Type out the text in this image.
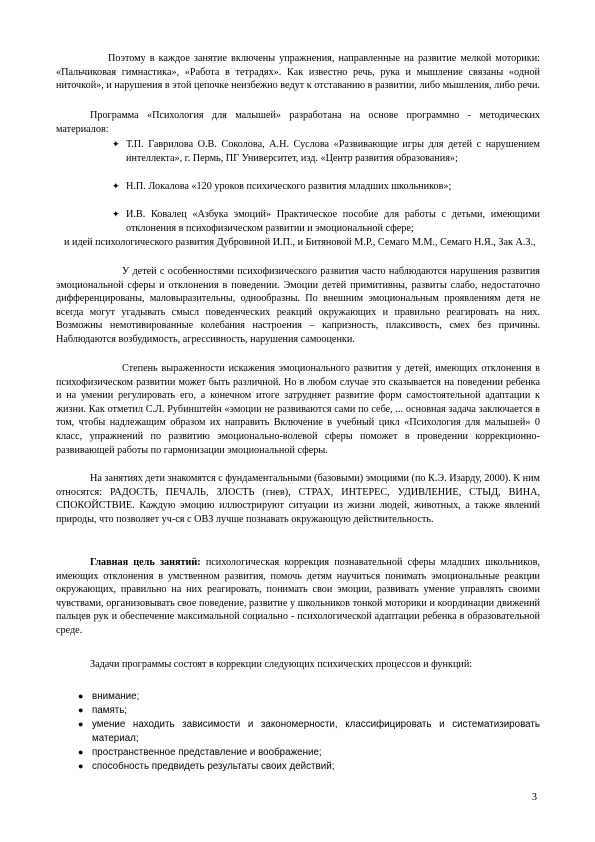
Поэтому в каждое занятие включены упражнения, направленные на развитие мелкой моторики: «Пальчиковая гимнастика», «Работа в тетрадях». Как известно речь, рука и мышление связаны «одной ниточкой», и нарушения в этой цепочке неизбежно ведут к отставанию в развитии, либо мышления, либо речи.

Программа «Психология для малышей» разработана на основе программно - методических материалов:

✦ Т.П. Гаврилова О.В. Соколова, А.Н. Суслова «Развивающие игры для детей с нарушением интеллекта», г. Пермь, ПГ Университет, изд. «Центр развития образования»;
✦ Н.П. Локалова «120 уроков психического развития младших школьников»;
✦ И.В. Ковалец «Азбука эмоций» Практическое пособие для работы с детьми, имеющими отклонения в психофизическом развитии и эмоциональной сфере;

и идей психологического развития Дубровиной И.П., и Битяновой М.Р., Семаго М.М., Семаго Н.Я., Зак А.З.,

У детей с особенностями психофизического развития часто наблюдаются нарушения развития эмоциональной сферы и отклонения в поведении. Эмоции детей примитивны, развиты слабо, недостаточно дифференцированы, маловыразительны, однообразны. По внешним эмоциональным проявлениям детя не всегда могут угадывать смысл поведенческих реакций окружающих и правильно реагировать на них. Возможны немотивированные колебания настроения – капризность, плаксивость, смех без причины. Наблюдаются возбудимость, агрессивность, нарушения самооценки.

Степень выраженности искажения эмоционального развития у детей, имеющих отклонения в психофизическом развитии может быть различной. Но в любом случае это сказывается на поведении ребенка и на умении регулировать его, а конечном итоге затрудняет развитие форм самостоятельной адаптации к жизни. Как отметил С.Л. Рубинштейн «эмоции не развиваются сами по себе, ... основная задача заключается в том, чтобы надлежащим образом их направить Включение в учебный цикл «Психология для малышей» 0 класс, упражнений по развитию эмоционально-волевой сферы поможет в проведении коррекционно-развивающей работы по гармонизации эмоциональной сферы.

На занятиях дети знакомятся с фундаментальными (базовыми) эмоциями (по К.Э. Изарду, 2000). К ним относятся: РАДОСТЬ, ПЕЧАЛЬ, ЗЛОСТЬ (гнев), СТРАХ, ИНТЕРЕС, УДИВЛЕНИЕ, СТЫД, ВИНА, СПОКОЙСТВИЕ. Каждую эмоцию иллюстрируют ситуации из жизни людей, животных, а также явлений природы, что позволяет уч-ся с ОВЗ лучше познавать окружающую действительность.

Главная цель занятий: психологическая коррекция познавательной сферы младших школьников, имеющих отклонения в умственном развития, помочь детям научиться понимать эмоциональные реакции окружающих, правильно на них реагировать, понимать свои эмоции, развивать умение управлять своими чувствами, организовывать свое поведение, развитие у школьников тонкой моторики и координации движений пальцев рук и обеспечение максимальной социально - психологической адаптации ребенка в образовательной среде.

Задачи программы состоят в коррекции следующих психических процессов и функций:

● внимание;
● память;
● умение находить зависимости и закономерности, классифицировать и систематизировать материал;
● пространственное представление и воображение;
● способность предвидеть результаты своих действий;
3
